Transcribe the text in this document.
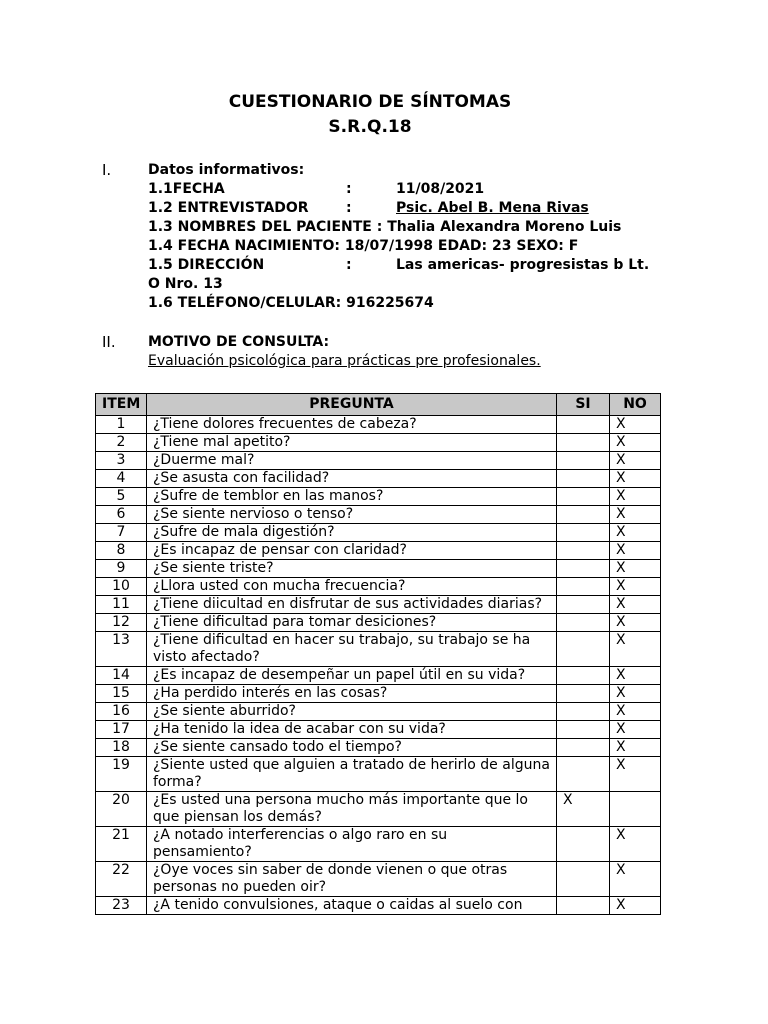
CUESTIONARIO DE SÍNTOMAS
S.R.Q.18
I.	Datos informativos:
1.1FECHA	:	11/08/2021
1.2 ENTREVISTADOR	:	Psic. Abel B. Mena Rivas
1.3 NOMBRES DEL PACIENTE : Thalia Alexandra Moreno Luis
1.4 FECHA NACIMIENTO: 18/07/1998 EDAD: 23 SEXO: F
1.5 DIRECCIÓN	:	Las americas- progresistas b Lt.
O Nro. 13
1.6 TELÉFONO/CELULAR: 916225674
II. MOTIVO DE CONSULTA:
Evaluación psicológica para prácticas pre profesionales.
ITEM	PREGUNTA	SI	NO
1	¿Tiene dolores frecuentes de cabeza?		X
2	¿Tiene mal apetito?		X
3	¿Duerme mal?		X
4	¿Se asusta con facilidad?		X
5	¿Sufre de temblor en las manos?		X
6	¿Se siente nervioso o tenso?		X
7	¿Sufre de mala digestión?		X
8	¿Es incapaz de pensar con claridad?		X
9	¿Se siente triste?		X
10	¿Llora usted con mucha frecuencia?		X
11	¿Tiene diicultad en disfrutar de sus actividades diarias?		X
12	¿Tiene dificultad para tomar desiciones?		X
13	¿Tiene dificultad en hacer su trabajo, su trabajo se ha visto afectado?		X
14	¿Es incapaz de desempeñar un papel útil en su vida?		X
15	¿Ha perdido interés en las cosas?		X
16	¿Se siente aburrido?		X
17	¿Ha tenido la idea de acabar con su vida?		X
18	¿Se siente cansado todo el tiempo?		X
19	¿Siente usted que alguien a tratado de herirlo de alguna forma?		X
20	¿Es usted una persona mucho más importante que lo que piensan los demás?	X	
21	¿A notado interferencias o algo raro en su pensamiento?		X
22	¿Oye voces sin saber de donde vienen o que otras personas no pueden oir?		X
23	¿A tenido convulsiones, ataque o caidas al suelo con		X
